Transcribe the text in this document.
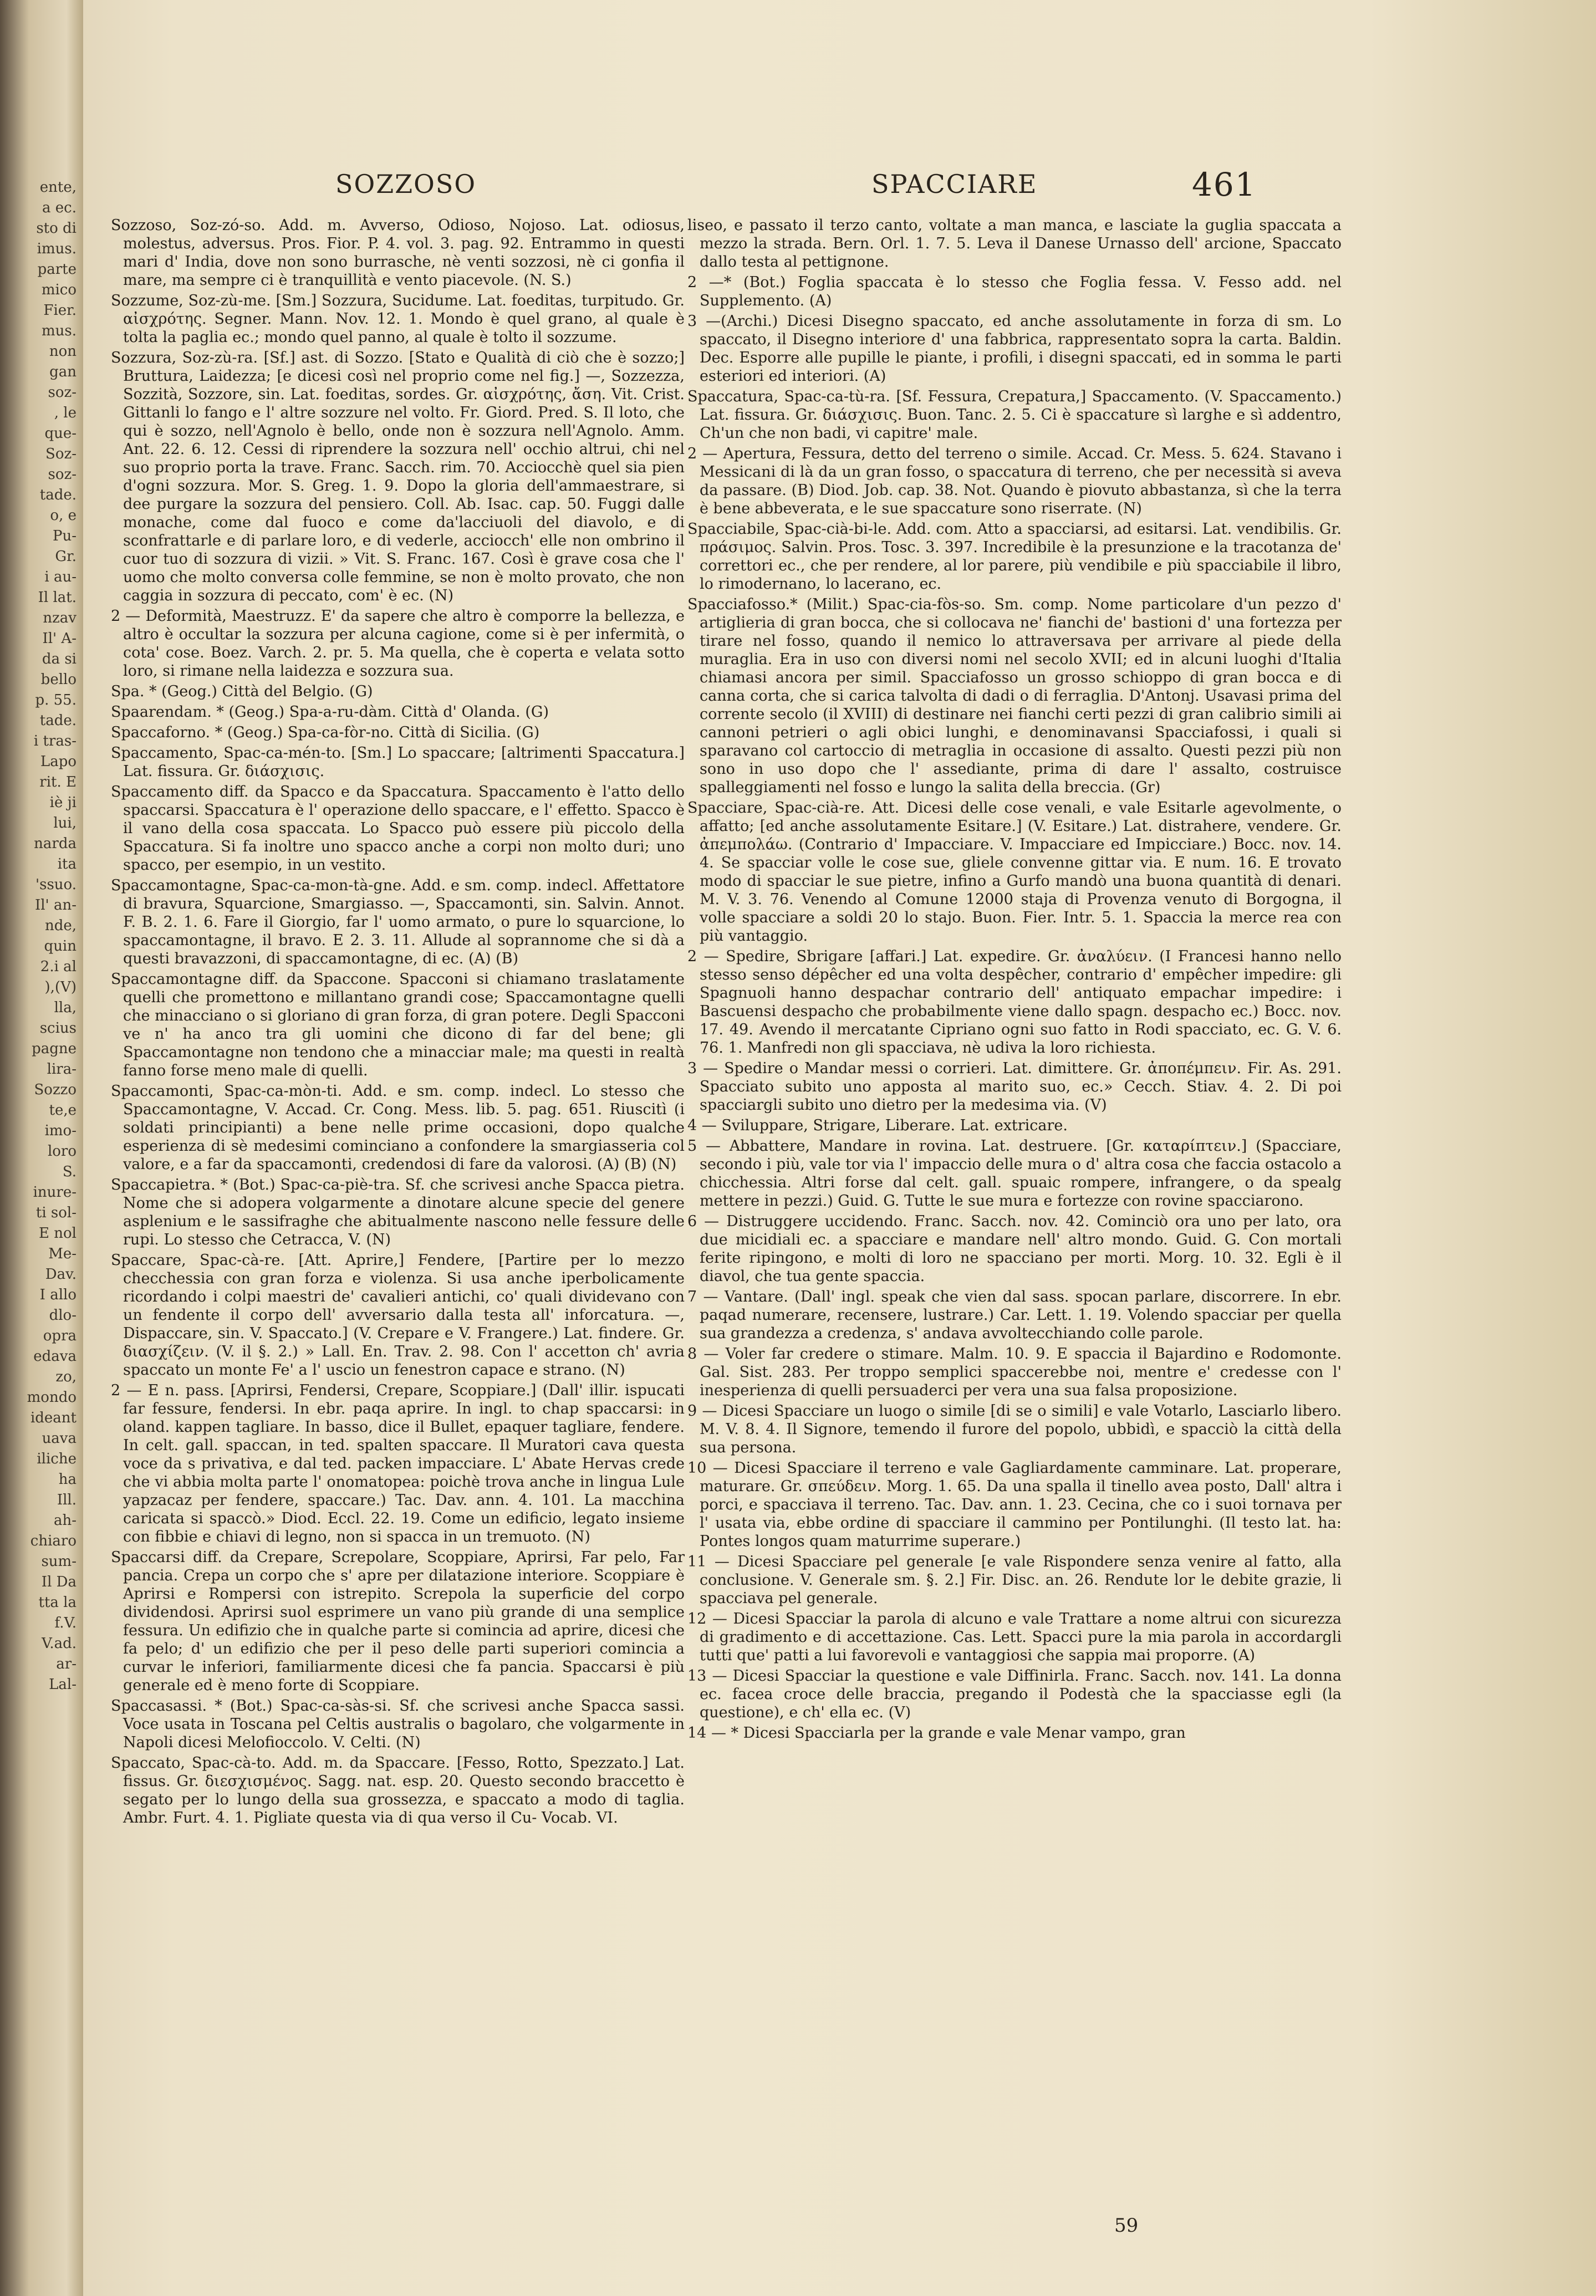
ente,
a ec.
sto di
imus.
parte
mico
Fier.
mus.
non
gan
soz-
, le
que-
Soz-
soz-
tade.
o, e
Pu-
Gr.
i au-
Il lat.
nzav
Il' A-
da si
bello
p. 55.
tade.
i tras-
Lapo
rit. E
iè ji
lui,
narda
ita
'ssuo.
Il' an-
nde,
quin
2.i al
),(V)
lla,
scius
pagne
lira-
Sozzo
te,e
imo-
loro
S.
inure-
ti sol-
E nol
Me-
Dav.
I allo
dlo-
opra
edava
zo,
mondo
ideant
uava
iliche
ha
Ill.
ah-
chiaro
sum-
Il Da
tta la
f.V.
V.ad.
ar-
Lal-
SOZZOSO	SPACCIARE	461

Sozzoso, Soz-zó-so. Add. m. Avverso, Odioso, Nojoso. Lat. odiosus, molestus, adversus. Pros. Fior. P. 4. vol. 3. pag. 92. Entrammo in questi mari d' India, dove non sono burrasche, nè venti sozzosi, nè ci gonfia il mare, ma sempre ci è tranquillità e vento piacevole. (N. S.)

Sozzume, Soz-zù-me. [Sm.] Sozzura, Sucidume. Lat. foeditas, turpitudo. Gr. αἰσχρότης. Segner. Mann. Nov. 12. 1. Mondo è quel grano, al quale è tolta la paglia ec.; mondo quel panno, al quale è tolto il sozzume.

Sozzura, Soz-zù-ra. [Sf.] ast. di Sozzo. [Stato e Qualità di ciò che è sozzo;] Bruttura, Laidezza; [e dicesi così nel proprio come nel fig.] —, Sozzezza, Sozzità, Sozzore, sin. Lat. foeditas, sordes. Gr. αἰσχρότης, ἄση. Vit. Crist. Gittanli lo fango e l' altre sozzure nel volto. Fr. Giord. Pred. S. Il loto, che qui è sozzo, nell'Agnolo è bello, onde non è sozzura nell'Agnolo. Amm. Ant. 22. 6. 12. Cessi di riprendere la sozzura nell' occhio altrui, chi nel suo proprio porta la trave. Franc. Sacch. rim. 70. Acciocchè quel sia pien d'ogni sozzura. Mor. S. Greg. 1. 9. Dopo la gloria dell'ammaestrare, si dee purgare la sozzura del pensiero. Coll. Ab. Isac. cap. 50. Fuggi dalle monache, come dal fuoco e come da'lacciuoli del diavolo, e di sconfrattarle e di parlare loro, e di vederle, acciocch' elle non ombrino il cuor tuo di sozzura di vizii. » Vit. S. Franc. 167. Così è grave cosa che l' uomo che molto conversa colle femmine, se non è molto provato, che non caggia in sozzura di peccato, com' è ec. (N)

2 — Deformità, Maestruzz. E' da sapere che altro è comporre la bellezza, e altro è occultar la sozzura per alcuna cagione, come si è per infermità, o cota' cose. Boez. Varch. 2. pr. 5. Ma quella, che è coperta e velata sotto loro, si rimane nella laidezza e sozzura sua.

Spa. * (Geog.) Città del Belgio. (G)

Spaarendam. * (Geog.) Spa-a-ru-dàm. Città d' Olanda. (G)

Spaccaforno. * (Geog.) Spa-ca-fòr-no. Città di Sicilia. (G)

Spaccamento, Spac-ca-mén-to. [Sm.] Lo spaccare; [altrimenti Spaccatura.] Lat. fissura. Gr. διάσχισις.

Spaccamento diff. da Spacco e da Spaccatura. Spaccamento è l'atto dello spaccarsi. Spaccatura è l' operazione dello spaccare, e l' effetto. Spacco è il vano della cosa spaccata. Lo Spacco può essere più piccolo della Spaccatura. Si fa inoltre uno spacco anche a corpi non molto duri; uno spacco, per esempio, in un vestito.

Spaccamontagne, Spac-ca-mon-tà-gne. Add. e sm. comp. indecl. Affettatore di bravura, Squarcione, Smargiasso. —, Spaccamonti, sin. Salvin. Annot. F. B. 2. 1. 6. Fare il Giorgio, far l' uomo armato, o pure lo squarcione, lo spaccamontagne, il bravo. E 2. 3. 11. Allude al soprannome che si dà a questi bravazzoni, di spaccamontagne, di ec. (A) (B)

Spaccamontagne diff. da Spaccone. Spacconi si chiamano traslatamente quelli che promettono e millantano grandi cose; Spaccamontagne quelli che minacciano o si gloriano di gran forza, di gran potere. Degli Spacconi ve n' ha anco tra gli uomini che dicono di far del bene; gli Spaccamontagne non tendono che a minacciar male; ma questi in realtà fanno forse meno male di quelli.

Spaccamonti, Spac-ca-mòn-ti. Add. e sm. comp. indecl. Lo stesso che Spaccamontagne, V. Accad. Cr. Cong. Mess. lib. 5. pag. 651. Riuscitì (i soldati principianti) a bene nelle prime occasioni, dopo qualche esperienza di sè medesimi cominciano a confondere la smargiasseria col valore, e a far da spaccamonti, credendosi di fare da valorosi. (A) (B) (N)

Spaccapietra. * (Bot.) Spac-ca-piè-tra. Sf. che scrivesi anche Spacca pietra. Nome che si adopera volgarmente a dinotare alcune specie del genere asplenium e le sassifraghe che abitualmente nascono nelle fessure delle rupi. Lo stesso che Cetracca, V. (N)

Spaccare, Spac-cà-re. [Att. Aprire,] Fendere, [Partire per lo mezzo checchessia con gran forza e violenza. Si usa anche iperbolicamente ricordando i colpi maestri de' cavalieri antichi, co' quali dividevano con un fendente il corpo dell' avversario dalla testa all' inforcatura. —, Dispaccare, sin. V. Spaccato.] (V. Crepare e V. Frangere.) Lat. findere. Gr. διασχίζειν. (V. il §. 2.) » Lall. En. Trav. 2. 98. Con l' accetton ch' avria spaccato un monte Fe' a l' uscio un fenestron capace e strano. (N)

2 — E n. pass. [Aprirsi, Fendersi, Crepare, Scoppiare.] (Dall' illir. ispucati far fessure, fendersi. In ebr. paqa aprire. In ingl. to chap spaccarsi: in oland. kappen tagliare. In basso, dice il Bullet, epaquer tagliare, fendere. In celt. gall. spaccan, in ted. spalten spaccare. Il Muratori cava questa voce da s privativa, e dal ted. packen impacciare. L' Abate Hervas crede che vi abbia molta parte l' onomatopea: poichè trova anche in lingua Lule yapzacaz per fendere, spaccare.) Tac. Dav. ann. 4. 101. La macchina caricata si spaccò.» Diod. Eccl. 22. 19. Come un edificio, legato insieme con fibbie e chiavi di legno, non si spacca in un tremuoto. (N)

Spaccarsi diff. da Crepare, Screpolare, Scoppiare, Aprirsi, Far pelo, Far pancia. Crepa un corpo che s' apre per dilatazione interiore. Scoppiare è Aprirsi e Rompersi con istrepito. Screpola la superficie del corpo dividendosi. Aprirsi suol esprimere un vano più grande di una semplice fessura. Un edifizio che in qualche parte si comincia ad aprire, dicesi che fa pelo; d' un edifizio che per il peso delle parti superiori comincia a curvar le inferiori, familiarmente dicesi che fa pancia. Spaccarsi è più generale ed è meno forte di Scoppiare.

Spaccasassi. * (Bot.) Spac-ca-sàs-si. Sf. che scrivesi anche Spacca sassi. Voce usata in Toscana pel Celtis australis o bagolaro, che volgarmente in Napoli dicesi Melofioccolo. V. Celti. (N)

Spaccato, Spac-cà-to. Add. m. da Spaccare. [Fesso, Rotto, Spezzato.] Lat. fissus. Gr. διεσχισμένος. Sagg. nat. esp. 20. Questo secondo braccetto è segato per lo lungo della sua grossezza, e spaccato a modo di taglia. Ambr. Furt. 4. 1. Pigliate questa via di qua verso il Cu- Vocab. VI.

liseo, e passato il terzo canto, voltate a man manca, e lasciate la guglia spaccata a mezzo la strada. Bern. Orl. 1. 7. 5. Leva il Danese Urnasso dell' arcione, Spaccato dallo testa al pettignone.

2 —* (Bot.) Foglia spaccata è lo stesso che Foglia fessa. V. Fesso add. nel Supplemento. (A)

3 —(Archi.) Dicesi Disegno spaccato, ed anche assolutamente in forza di sm. Lo spaccato, il Disegno interiore d' una fabbrica, rappresentato sopra la carta. Baldin. Dec. Esporre alle pupille le piante, i profili, i disegni spaccati, ed in somma le parti esteriori ed interiori. (A)

Spaccatura, Spac-ca-tù-ra. [Sf. Fessura, Crepatura,] Spaccamento. (V. Spaccamento.) Lat. fissura. Gr. διάσχισις. Buon. Tanc. 2. 5. Ci è spaccature sì larghe e sì addentro, Ch'un che non badi, vi capitre' male.

2 — Apertura, Fessura, detto del terreno o simile. Accad. Cr. Mess. 5. 624. Stavano i Messicani di là da un gran fosso, o spaccatura di terreno, che per necessità si aveva da passare. (B) Diod. Job. cap. 38. Not. Quando è piovuto abbastanza, sì che la terra è bene abbeverata, e le sue spaccature sono riserrate. (N)

Spacciabile, Spac-cià-bi-le. Add. com. Atto a spacciarsi, ad esitarsi. Lat. vendibilis. Gr. πράσιμος. Salvin. Pros. Tosc. 3. 397. Incredibile è la presunzione e la tracotanza de' correttori ec., che per rendere, al lor parere, più vendibile e più spacciabile il libro, lo rimodernano, lo lacerano, ec.

Spacciafosso.* (Milit.) Spac-cia-fòs-so. Sm. comp. Nome particolare d'un pezzo d' artiglieria di gran bocca, che si collocava ne' fianchi de' bastioni d' una fortezza per tirare nel fosso, quando il nemico lo attraversava per arrivare al piede della muraglia. Era in uso con diversi nomi nel secolo XVII; ed in alcuni luoghi d'Italia chiamasi ancora per simil. Spacciafosso un grosso schioppo di gran bocca e di canna corta, che si carica talvolta di dadi o di ferraglia. D'Antonj. Usavasi prima del corrente secolo (il XVIII) di destinare nei fianchi certi pezzi di gran calibrio simili ai cannoni petrieri o agli obici lunghi, e denominavansi Spacciafossi, i quali si sparavano col cartoccio di metraglia in occasione di assalto. Questi pezzi più non sono in uso dopo che l' assediante, prima di dare l' assalto, costruisce spalleggiamenti nel fosso e lungo la salita della breccia. (Gr)

Spacciare, Spac-cià-re. Att. Dicesi delle cose venali, e vale Esitarle agevolmente, o affatto; [ed anche assolutamente Esitare.] (V. Esitare.) Lat. distrahere, vendere. Gr. ἀπεμπολάω. (Contrario d' Impacciare. V. Impacciare ed Impicciare.) Bocc. nov. 14. 4. Se spacciar volle le cose sue, gliele convenne gittar via. E num. 16. E trovato modo di spacciar le sue pietre, infino a Gurfo mandò una buona quantità di denari. M. V. 3. 76. Venendo al Comune 12000 staja di Provenza venuto di Borgogna, il volle spacciare a soldi 20 lo stajo. Buon. Fier. Intr. 5. 1. Spaccia la merce rea con più vantaggio.

2 — Spedire, Sbrigare [affari.] Lat. expedire. Gr. ἀναλύειν. (I Francesi hanno nello stesso senso dépêcher ed una volta despêcher, contrario d' empêcher impedire: gli Spagnuoli hanno despachar contrario dell' antiquato empachar impedire: i Bascuensi despacho che probabilmente viene dallo spagn. despacho ec.) Bocc. nov. 17. 49. Avendo il mercatante Cipriano ogni suo fatto in Rodi spacciato, ec. G. V. 6. 76. 1. Manfredi non gli spacciava, nè udiva la loro richiesta.

3 — Spedire o Mandar messi o corrieri. Lat. dimittere. Gr. ἀποπέμπειν. Fir. As. 291. Spacciato subito uno apposta al marito suo, ec.» Cecch. Stiav. 4. 2. Di poi spacciargli subito uno dietro per la medesima via. (V)

4 — Sviluppare, Strigare, Liberare. Lat. extricare.

5 — Abbattere, Mandare in rovina. Lat. destruere. [Gr. καταρίπτειν.] (Spacciare, secondo i più, vale tor via l' impaccio delle mura o d' altra cosa che faccia ostacolo a chicchessia. Altri forse dal celt. gall. spuaic rompere, infrangere, o da spealg mettere in pezzi.) Guid. G. Tutte le sue mura e fortezze con rovine spacciarono.

6 — Distruggere uccidendo. Franc. Sacch. nov. 42. Cominciò ora uno per lato, ora due micidiali ec. a spacciare e mandare nell' altro mondo. Guid. G. Con mortali ferite ripingono, e molti di loro ne spacciano per morti. Morg. 10. 32. Egli è il diavol, che tua gente spaccia.

7 — Vantare. (Dall' ingl. speak che vien dal sass. spocan parlare, discorrere. In ebr. paqad numerare, recensere, lustrare.) Car. Lett. 1. 19. Volendo spacciar per quella sua grandezza a credenza, s' andava avvoltecchiando colle parole.

8 — Voler far credere o stimare. Malm. 10. 9. E spaccia il Bajardino e Rodomonte. Gal. Sist. 283. Per troppo semplici spaccerebbe noi, mentre e' credesse con l' inesperienza di quelli persuaderci per vera una sua falsa proposizione.

9 — Dicesi Spacciare un luogo o simile [di se o simili] e vale Votarlo, Lasciarlo libero. M. V. 8. 4. Il Signore, temendo il furore del popolo, ubbidì, e spacciò la città della sua persona.

10 — Dicesi Spacciare il terreno e vale Gagliardamente camminare. Lat. properare, maturare. Gr. σπεύδειν. Morg. 1. 65. Da una spalla il tinello avea posto, Dall' altra i porci, e spacciava il terreno. Tac. Dav. ann. 1. 23. Cecina, che co i suoi tornava per l' usata via, ebbe ordine di spacciare il cammino per Pontilunghi. (Il testo lat. ha: Pontes longos quam maturrime superare.)

11 — Dicesi Spacciare pel generale [e vale Rispondere senza venire al fatto, alla conclusione. V. Generale sm. §. 2.] Fir. Disc. an. 26. Rendute lor le debite grazie, li spacciava pel generale.

12 — Dicesi Spacciar la parola di alcuno e vale Trattare a nome altrui con sicurezza di gradimento e di accettazione. Cas. Lett. Spacci pure la mia parola in accordargli tutti que' patti a lui favorevoli e vantaggiosi che sappia mai proporre. (A)

13 — Dicesi Spacciar la questione e vale Diffinirla. Franc. Sacch. nov. 141. La donna ec. facea croce delle braccia, pregando il Podestà che la spacciasse egli (la questione), e ch' ella ec. (V)

14 — * Dicesi Spacciarla per la grande e vale Menar vampo, gran

59
